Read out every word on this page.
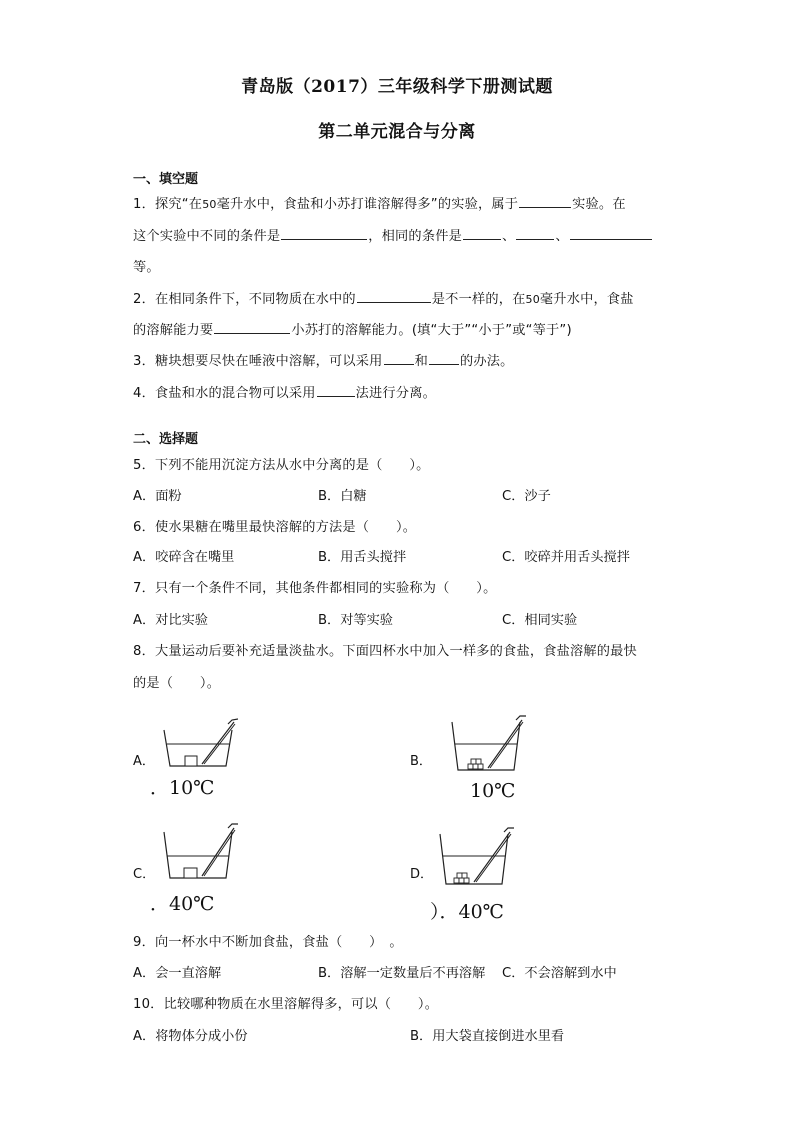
青岛版（2017）三年级科学下册测试题
第二单元混合与分离
一、填空题
1．探究“在50毫升水中，食盐和小苏打谁溶解得多”的实验，属于	实验。在
这个实验中不同的条件是	，相同的条件是	、	、
等。
2．在相同条件下，不同物质在水中的	是不一样的，在50毫升水中，食盐
的溶解能力要	小苏打的溶解能力。(填“大于”“小于”或“等于”)
3．糖块想要尽快在唾液中溶解，可以采用 和 的办法。
4．食盐和水的混合物可以采用	法进行分离。
二、选择题
5．下列不能用沉淀方法从水中分离的是（　　）。
A．面粉	B．白糖	C．沙子
6．使水果糖在嘴里最快溶解的方法是（　　）。
A．咬碎含在嘴里	B．用舌头搅拌	C．咬碎并用舌头搅拌
7．只有一个条件不同，其他条件都相同的实验称为（　　）。
A．对比实验	B．对等实验	C．相同实验
8．大量运动后要补充适量淡盐水。下面四杯水中加入一样多的食盐，食盐溶解的最快
的是（　　）。
A．
．10℃
B．
10℃
C．
．40℃
D．
）．40℃
9．向一杯水中不断加食盐，食盐（　　）　。
A．会一直溶解	B．溶解一定数量后不再溶解 C．不会溶解到水中
10．比较哪种物质在水里溶解得多，可以（　　）。
A．将物体分成小份	B．用大袋直接倒进水里看
